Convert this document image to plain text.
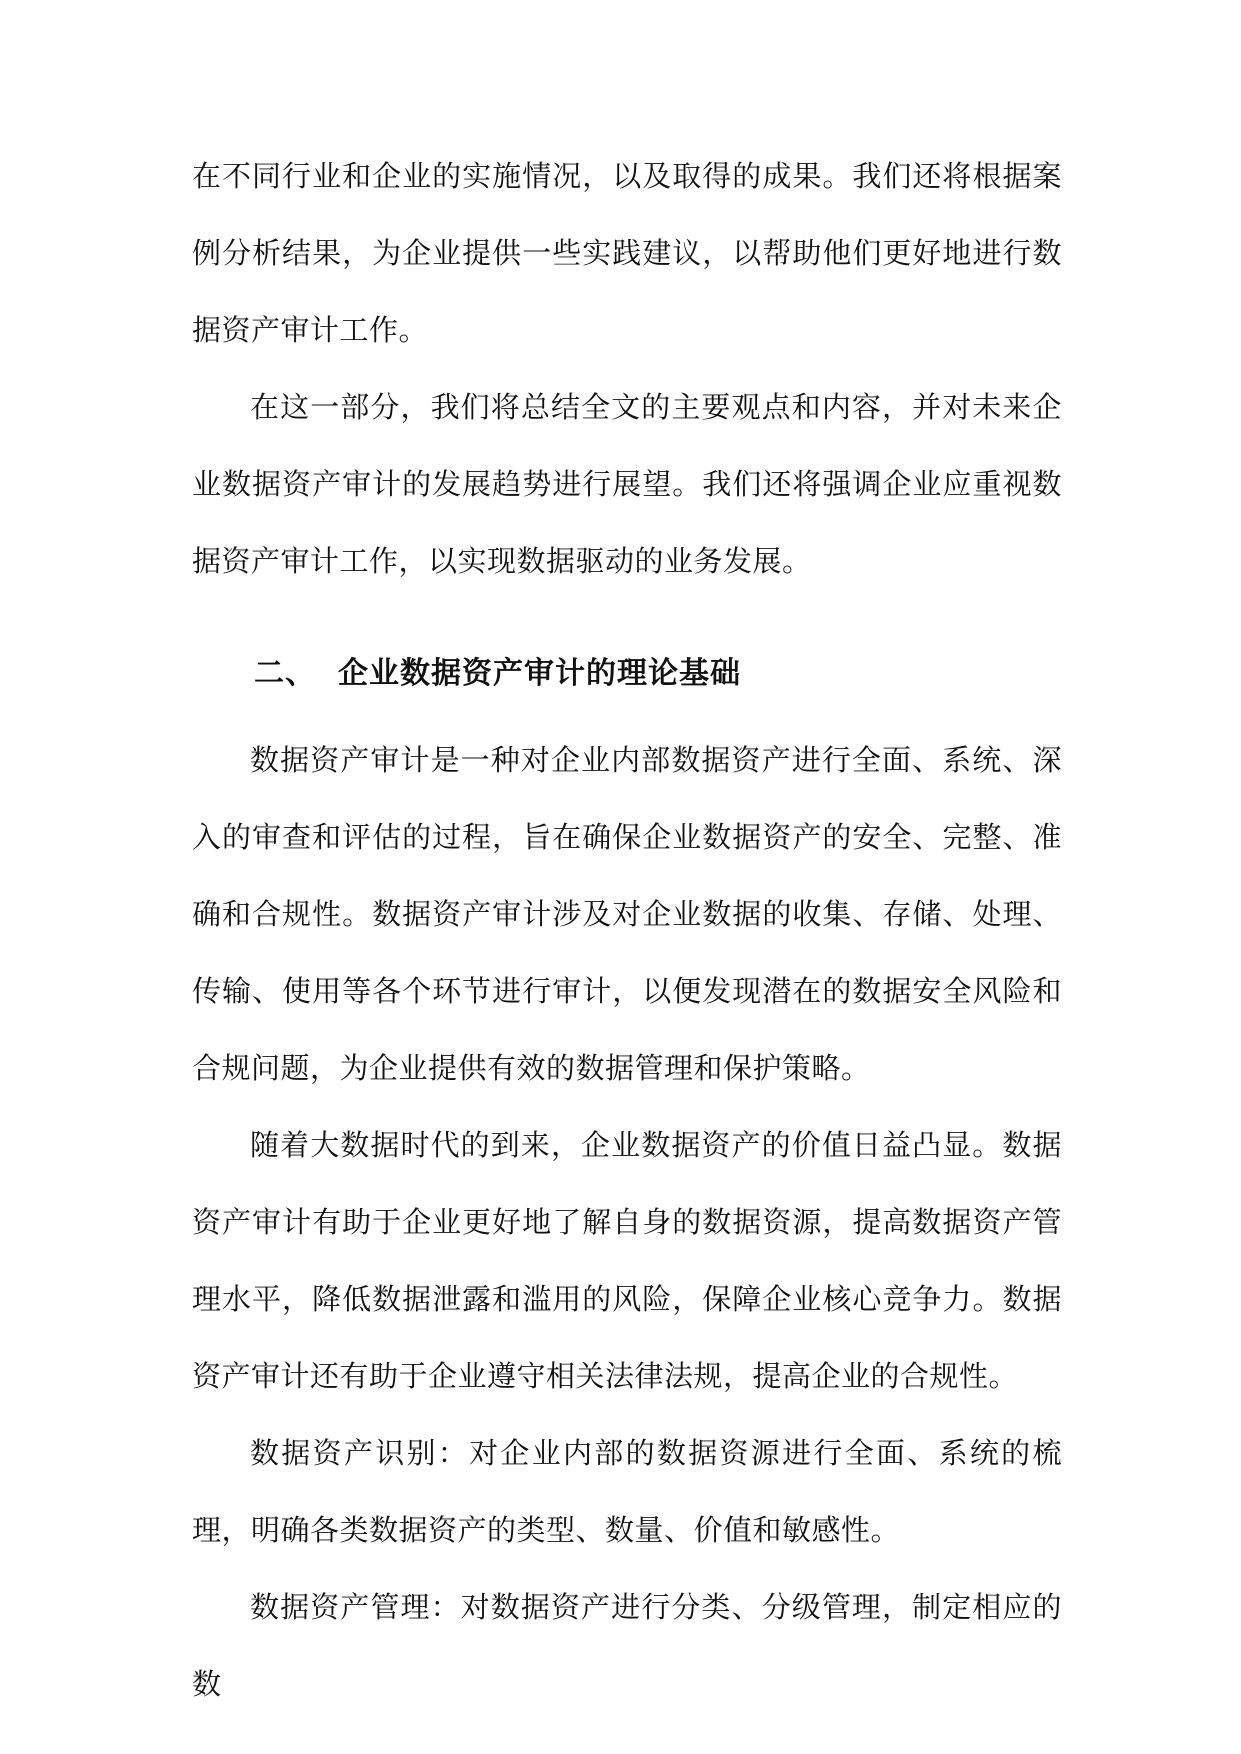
在不同行业和企业的实施情况，以及取得的成果。我们还将根据案例分析结果，为企业提供一些实践建议，以帮助他们更好地进行数据资产审计工作。

在这一部分，我们将总结全文的主要观点和内容，并对未来企业数据资产审计的发展趋势进行展望。我们还将强调企业应重视数据资产审计工作，以实现数据驱动的业务发展。

二、 企业数据资产审计的理论基础

数据资产审计是一种对企业内部数据资产进行全面、系统、深入的审查和评估的过程，旨在确保企业数据资产的安全、完整、准确和合规性。数据资产审计涉及对企业数据的收集、存储、处理、传输、使用等各个环节进行审计，以便发现潜在的数据安全风险和合规问题，为企业提供有效的数据管理和保护策略。

随着大数据时代的到来，企业数据资产的价值日益凸显。数据资产审计有助于企业更好地了解自身的数据资源，提高数据资产管理水平，降低数据泄露和滥用的风险，保障企业核心竞争力。数据资产审计还有助于企业遵守相关法律法规，提高企业的合规性。

数据资产识别：对企业内部的数据资源进行全面、系统的梳理，明确各类数据资产的类型、数量、价值和敏感性。

数据资产管理：对数据资产进行分类、分级管理，制定相应的数
